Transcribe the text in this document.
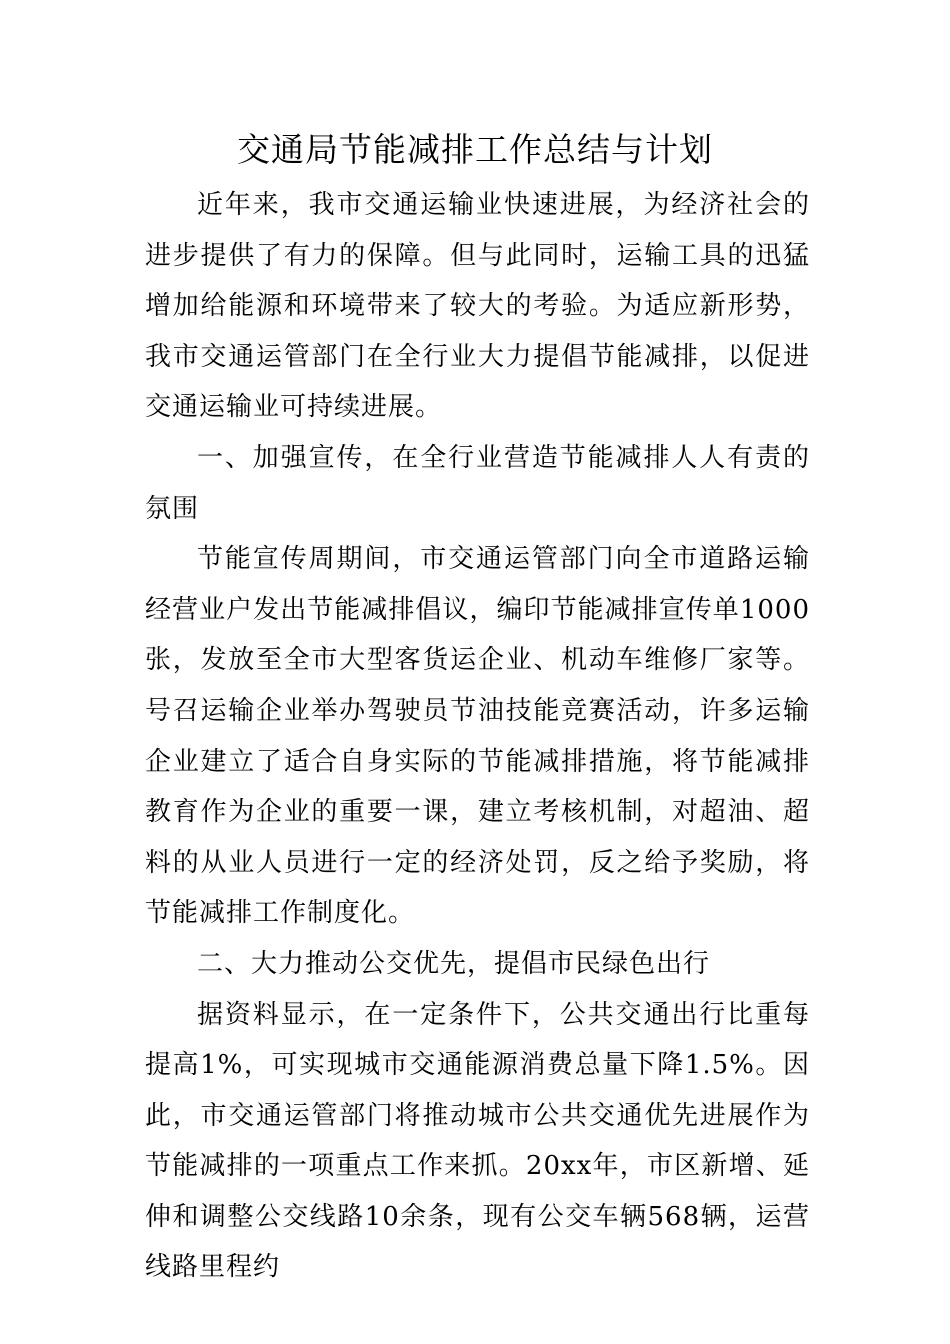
交通局节能减排工作总结与计划

近年来，我市交通运输业快速进展，为经济社会的进步提供了有力的保障。但与此同时，运输工具的迅猛增加给能源和环境带来了较大的考验。为适应新形势，我市交通运管部门在全行业大力提倡节能减排，以促进交通运输业可持续进展。

一、加强宣传，在全行业营造节能减排人人有责的氛围

节能宣传周期间，市交通运管部门向全市道路运输经营业户发出节能减排倡议，编印节能减排宣传单1000张，发放至全市大型客货运企业、机动车维修厂家等。号召运输企业举办驾驶员节油技能竞赛活动，许多运输企业建立了适合自身实际的节能减排措施，将节能减排教育作为企业的重要一课，建立考核机制，对超油、超料的从业人员进行一定的经济处罚，反之给予奖励，将节能减排工作制度化。

二、大力推动公交优先，提倡市民绿色出行

据资料显示，在一定条件下，公共交通出行比重每提高1%，可实现城市交通能源消费总量下降1.5%。因此，市交通运管部门将推动城市公共交通优先进展作为节能减排的一项重点工作来抓。20xx年，市区新增、延伸和调整公交线路10余条，现有公交车辆568辆，运营线路里程约
